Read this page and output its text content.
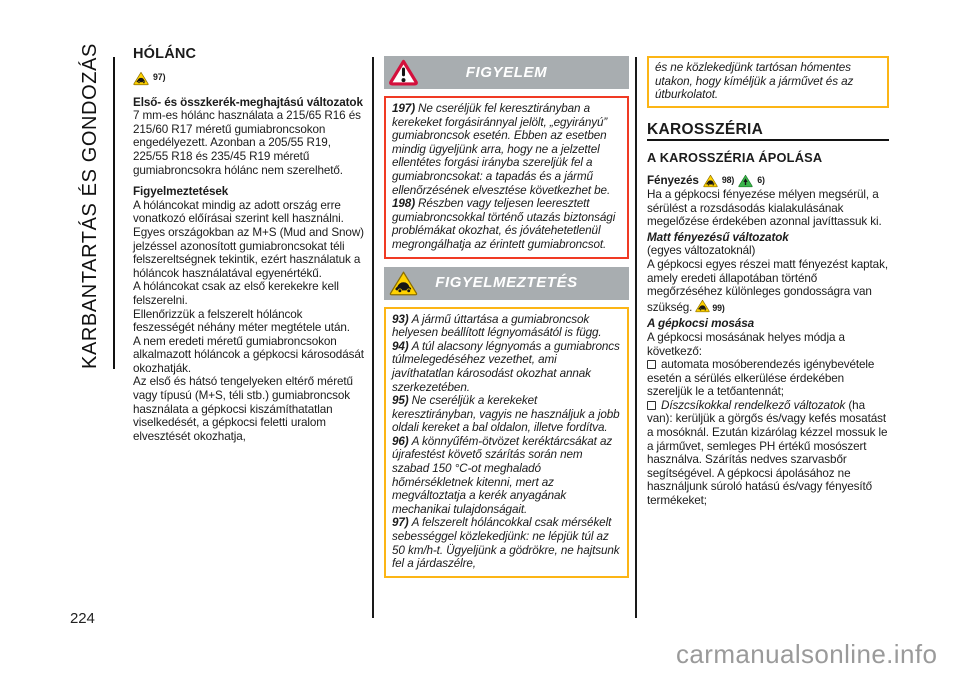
KARBANTARTÁS ÉS GONDOZÁS
224
HÓLÁNC
97)

Első- és összkerék-meghajtású változatok

7 mm-es hólánc használata a 215/65 R16 és 215/60 R17 méretű gumiabroncsokon engedélyezett. Azonban a 205/55 R19, 225/55 R18 és 235/45 R19 méretű gumiabroncsokra hólánc nem szerelhető.

Figyelmeztetések

A hóláncokat mindig az adott ország erre vonatkozó előírásai szerint kell használni. Egyes országokban az M+S (Mud and Snow) jelzéssel azonosított gumiabroncsokat téli felszereltségnek tekintik, ezért használatuk a hóláncok használatával egyenértékű.

A hóláncokat csak az első kerekekre kell felszerelni.

Ellenőrizzük a felszerelt hóláncok feszességét néhány méter megtétele után.

A nem eredeti méretű gumiabroncsokon alkalmazott hóláncok a gépkocsi károsodását okozhatják.

Az első és hátsó tengelyeken eltérő méretű vagy típusú (M+S, téli stb.) gumiabroncsok használata a gépkocsi kiszámíthatatlan viselkedését, a gépkocsi feletti uralom elvesztését okozhatja,

FIGYELEM

197) Ne cseréljük fel keresztirányban a kerekeket forgásiránnyal jelölt, „egyirányú” gumiabroncsok esetén. Ebben az esetben mindig ügyeljünk arra, hogy ne a jelzettel ellentétes forgási irányba szereljük fel a gumiabroncsokat: a tapadás és a jármű ellenőrzésének elvesztése következhet be.

198) Részben vagy teljesen leeresztett gumiabroncsokkal történő utazás biztonsági problémákat okozhat, és jóvátehetetlenül megrongálhatja az érintett gumiabroncsot.

FIGYELMEZTETÉS

93) A jármű úttartása a gumiabroncsok helyesen beállított légnyomásától is függ.

94) A túl alacsony légnyomás a gumiabroncs túlmelegedéséhez vezethet, ami javíthatatlan károsodást okozhat annak szerkezetében.

95) Ne cseréljük a kerekeket keresztirányban, vagyis ne használjuk a jobb oldali kereket a bal oldalon, illetve fordítva.

96) A könnyűfém-ötvözet keréktárcsákat az újrafestést követő szárítás során nem szabad 150 °C-ot meghaladó hőmérsékletnek kitenni, mert az megváltoztatja a kerék anyagának mechanikai tulajdonságait.

97) A felszerelt hóláncokkal csak mérsékelt sebességgel közlekedjünk: ne lépjük túl az 50 km/h-t. Ügyeljünk a gödrökre, ne hajtsunk fel a járdaszélre,

és ne közlekedjünk tartósan hómentes utakon, hogy kíméljük a járművet és az útburkolatot.
KAROSSZÉRIA
A KAROSSZÉRIA ÁPOLÁSA
Fényezés	98)	6)

Ha a gépkocsi fényezése mélyen megsérül, a sérülést a rozsdásodás kialakulásának megelőzése érdekében azonnal javíttassuk ki.

Matt fényezésű változatok

(egyes változatoknál)

A gépkocsi egyes részei matt fényezést kaptak, amely eredeti állapotában történő megőrzéséhez különleges gondosságra van szükség. 99)

A gépkocsi mosása

A gépkocsi mosásának helyes módja a következő:

automata mosóberendezés igénybevétele esetén a sérülés elkerülése érdekében szereljük le a tetőantennát;

Díszcsíkokkal rendelkező változatok (ha van): kerüljük a görgős és/vagy kefés mosatást a mosóknál. Ezután kizárólag kézzel mossuk le a járművet, semleges PH értékű mosószert használva. Szárítás nedves szarvasbőr segítségével. A gépkocsi ápolásához ne használjunk súroló hatású és/vagy fényesítő termékeket;

carmanualsonline.info
